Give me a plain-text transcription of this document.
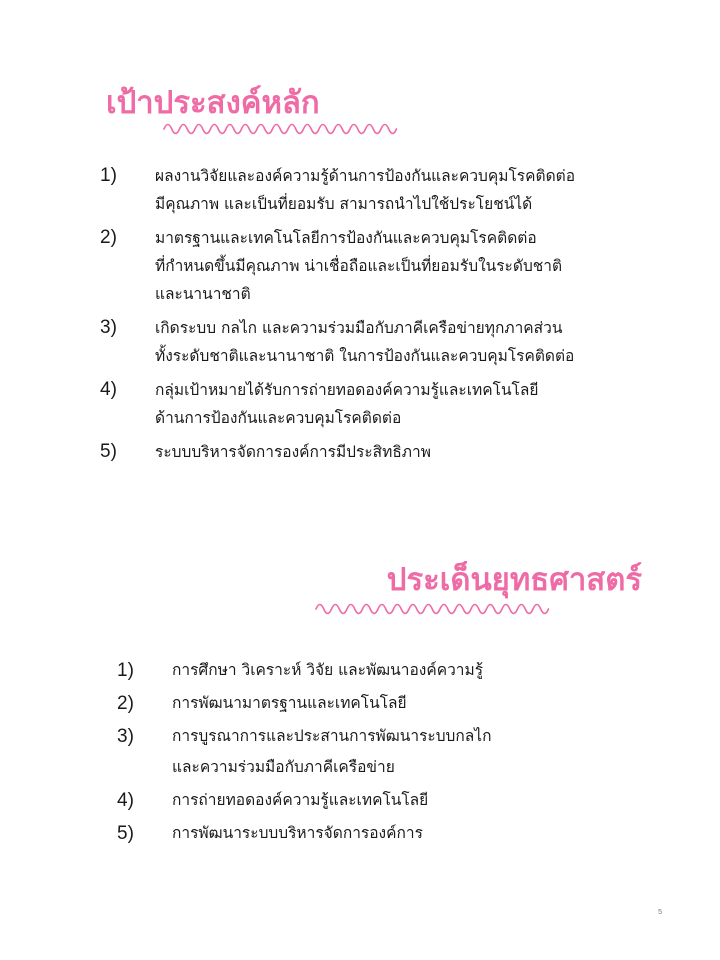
เป้าประสงค์หลัก
1)	ผลงานวิจัยและองค์ความรู้ด้านการป้องกันและควบคุมโรคติดต่อ
มีคุณภาพ และเป็นที่ยอมรับ สามารถนำไปใช้ประโยชน์ได้
2)	มาตรฐานและเทคโนโลยีการป้องกันและควบคุมโรคติดต่อ
ที่กำหนดขึ้นมีคุณภาพ น่าเชื่อถือและเป็นที่ยอมรับในระดับชาติ
และนานาชาติ
3)	เกิดระบบ กลไก และความร่วมมือกับภาคีเครือข่ายทุกภาคส่วน
ทั้งระดับชาติและนานาชาติ ในการป้องกันและควบคุมโรคติดต่อ
4)	กลุ่มเป้าหมายได้รับการถ่ายทอดองค์ความรู้และเทคโนโลยี
ด้านการป้องกันและควบคุมโรคติดต่อ
5)	ระบบบริหารจัดการองค์การมีประสิทธิภาพ
ประเด็นยุทธศาสตร์
1)	การศึกษา วิเคราะห์ วิจัย และพัฒนาองค์ความรู้
2)	การพัฒนามาตรฐานและเทคโนโลยี
3)	การบูรณาการและประสานการพัฒนาระบบกลไก
และความร่วมมือกับภาคีเครือข่าย
4)	การถ่ายทอดองค์ความรู้และเทคโนโลยี
5)	การพัฒนาระบบบริหารจัดการองค์การ
5
